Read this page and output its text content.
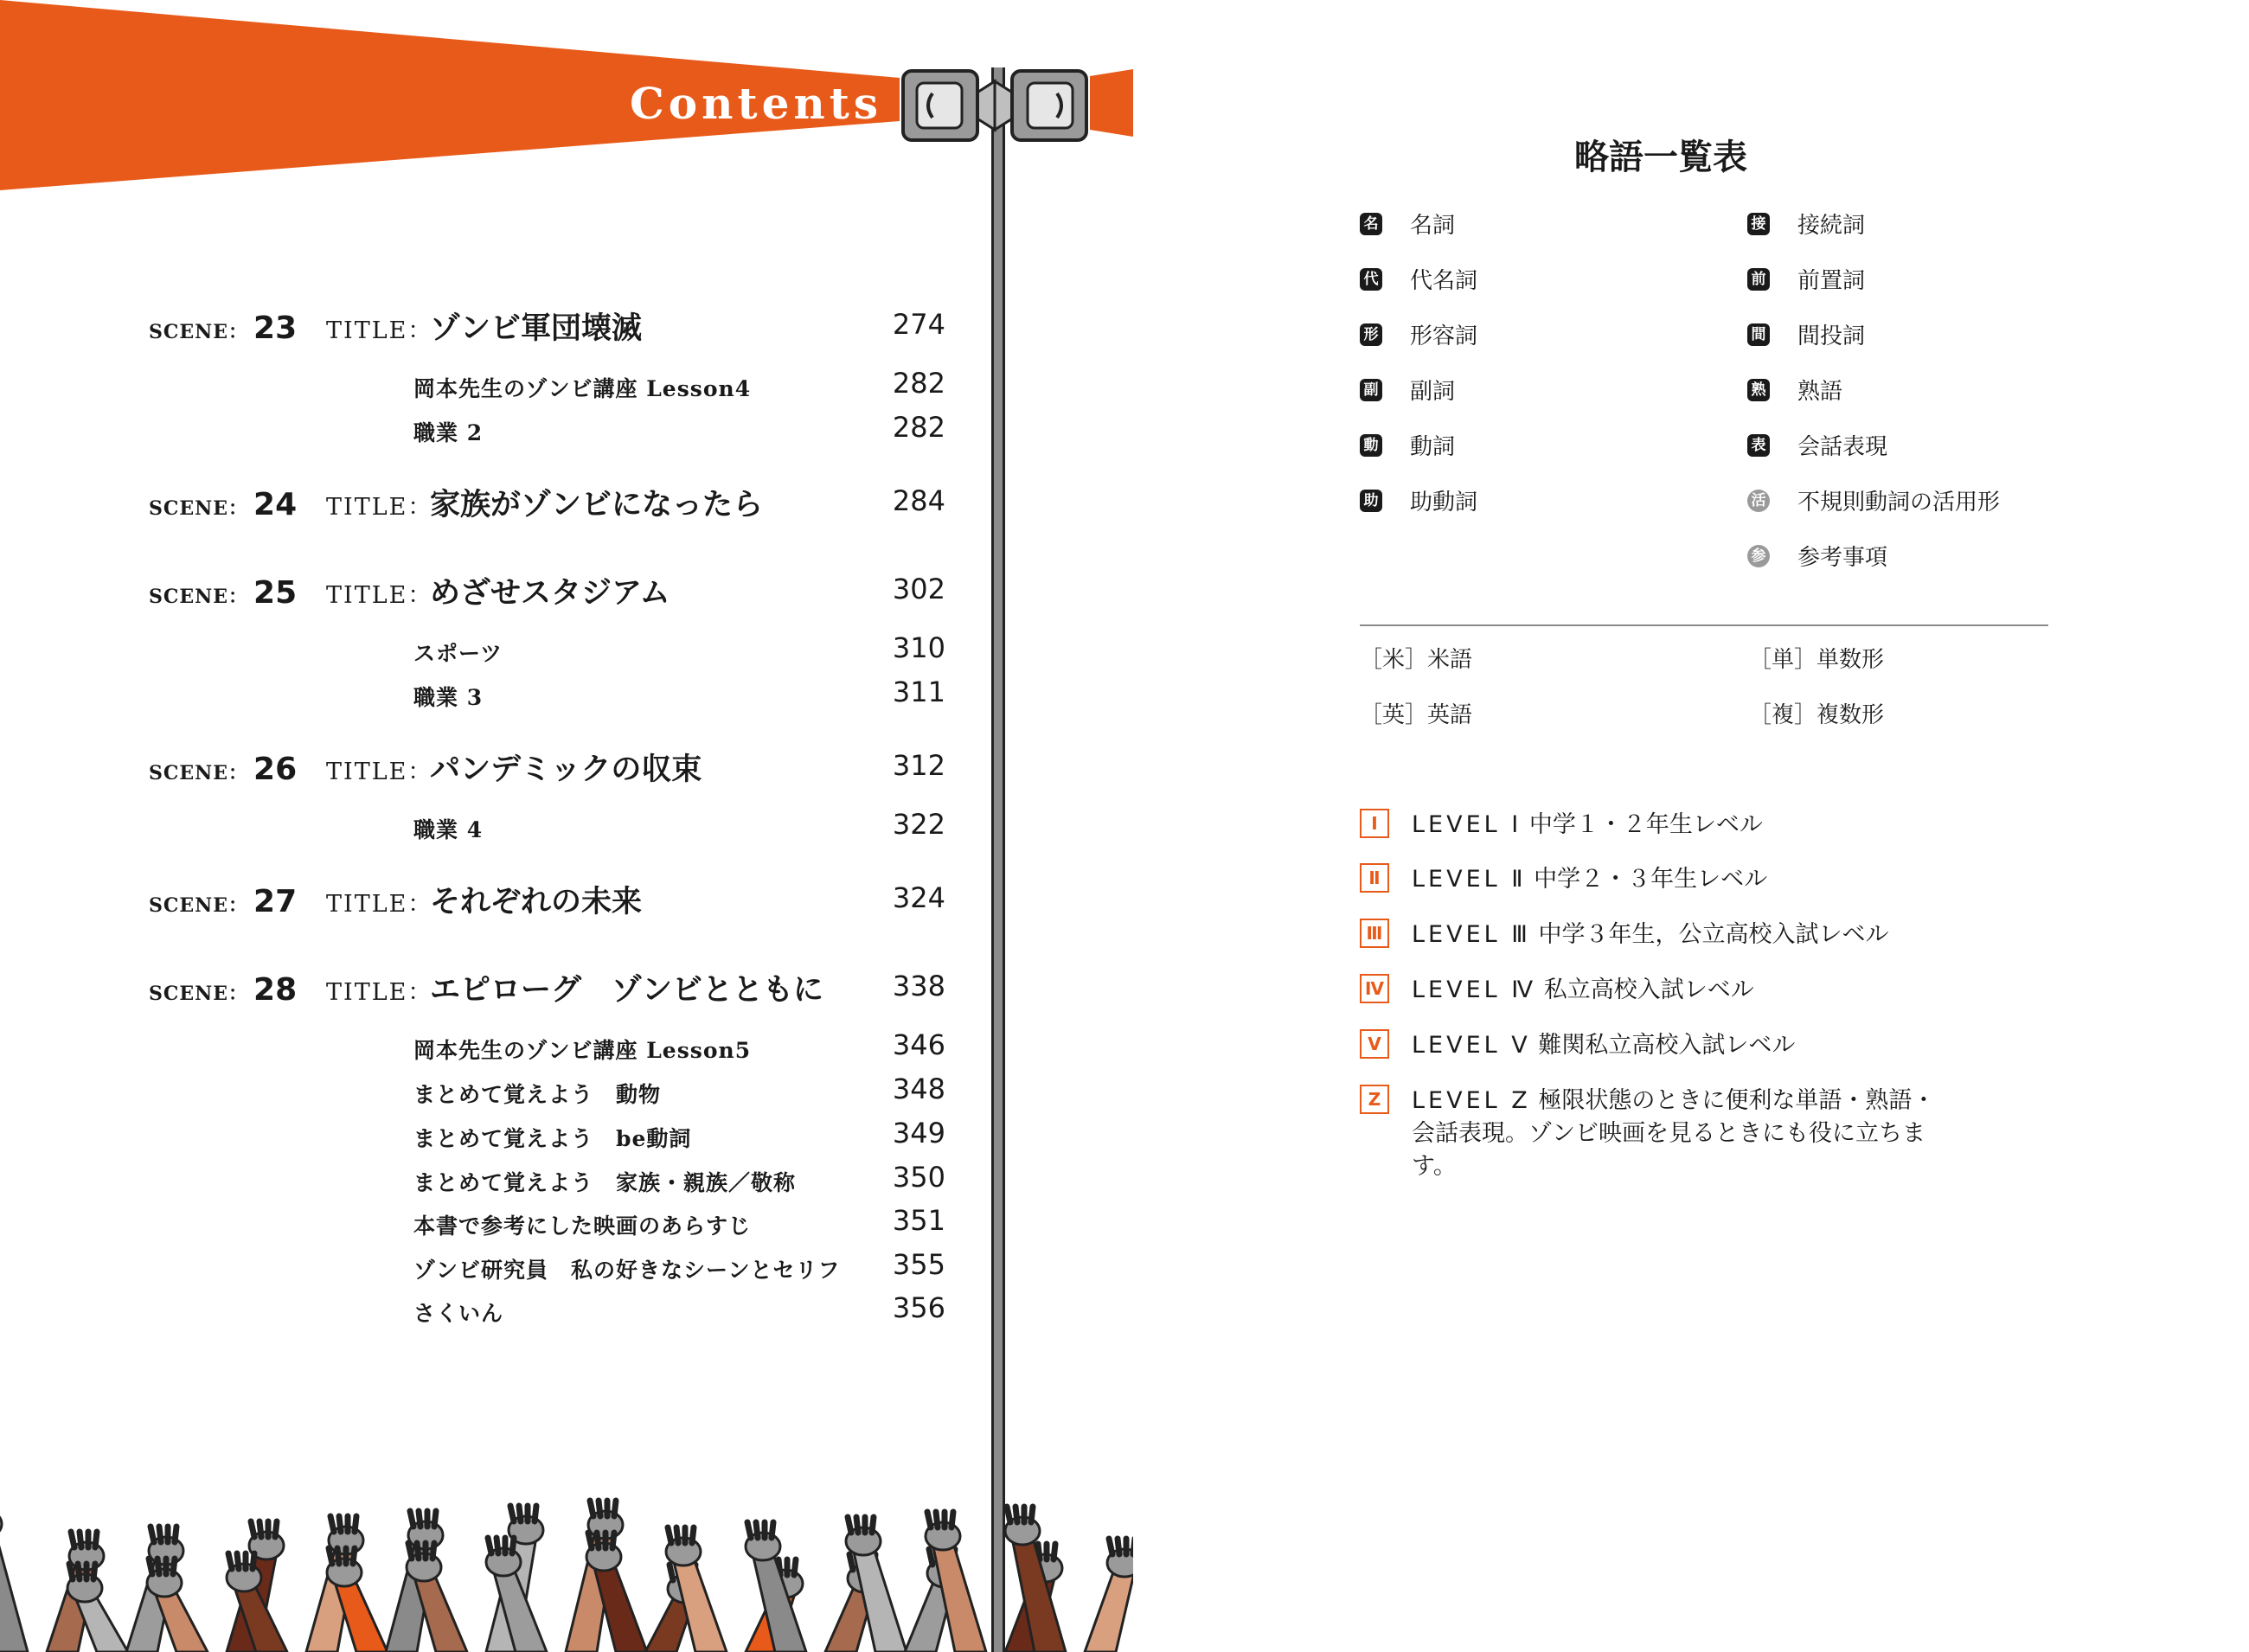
Contents
SCENE： 23	TITLE：
ゾンビ軍団壊滅	274
岡本先生のゾンビ講座 Lesson4	282
職業 2	282
SCENE： 24	TITLE：
家族がゾンビになったら	284
SCENE： 25	TITLE：
めざせスタジアム	302
スポーツ	310
職業 3	311
SCENE： 26	TITLE：
パンデミックの収束	312
職業 4	322
SCENE： 27	TITLE：
それぞれの未来	324
SCENE： 28	TITLE：
エピローグ　ゾンビとともに	338
岡本先生のゾンビ講座 Lesson5	346
まとめて覚えよう　動物	348
まとめて覚えよう　be動詞	349
まとめて覚えよう　家族・親族／敬称	350
本書で参考にした映画のあらすじ	351
ゾンビ研究員　私の好きなシーンとセリフ	355
さくいん	356
略語一覧表
名 名詞
代 代名詞
形 形容詞
副 副詞
動 動詞
助 助動詞
接 接続詞
前 前置詞
間 間投詞
熟 熟語
表 会話表現
活 不規則動詞の活用形
参 参考事項
［米］米語	［単］単数形
［英］英語	［複］複数形
Ⅰ	LEVEL Ⅰ 中学１・２年生レベル
Ⅱ	LEVEL Ⅱ 中学２・３年生レベル
Ⅲ LEVEL Ⅲ 中学３年生，公立高校入試レベル
Ⅳ LEVEL Ⅳ 私立高校入試レベル
Ⅴ	LEVEL Ⅴ 難関私立高校入試レベル
Z	LEVEL Z 極限状態のときに便利な単語・熟語・会話表現。ゾンビ映画を見るときにも役に立ちます。
